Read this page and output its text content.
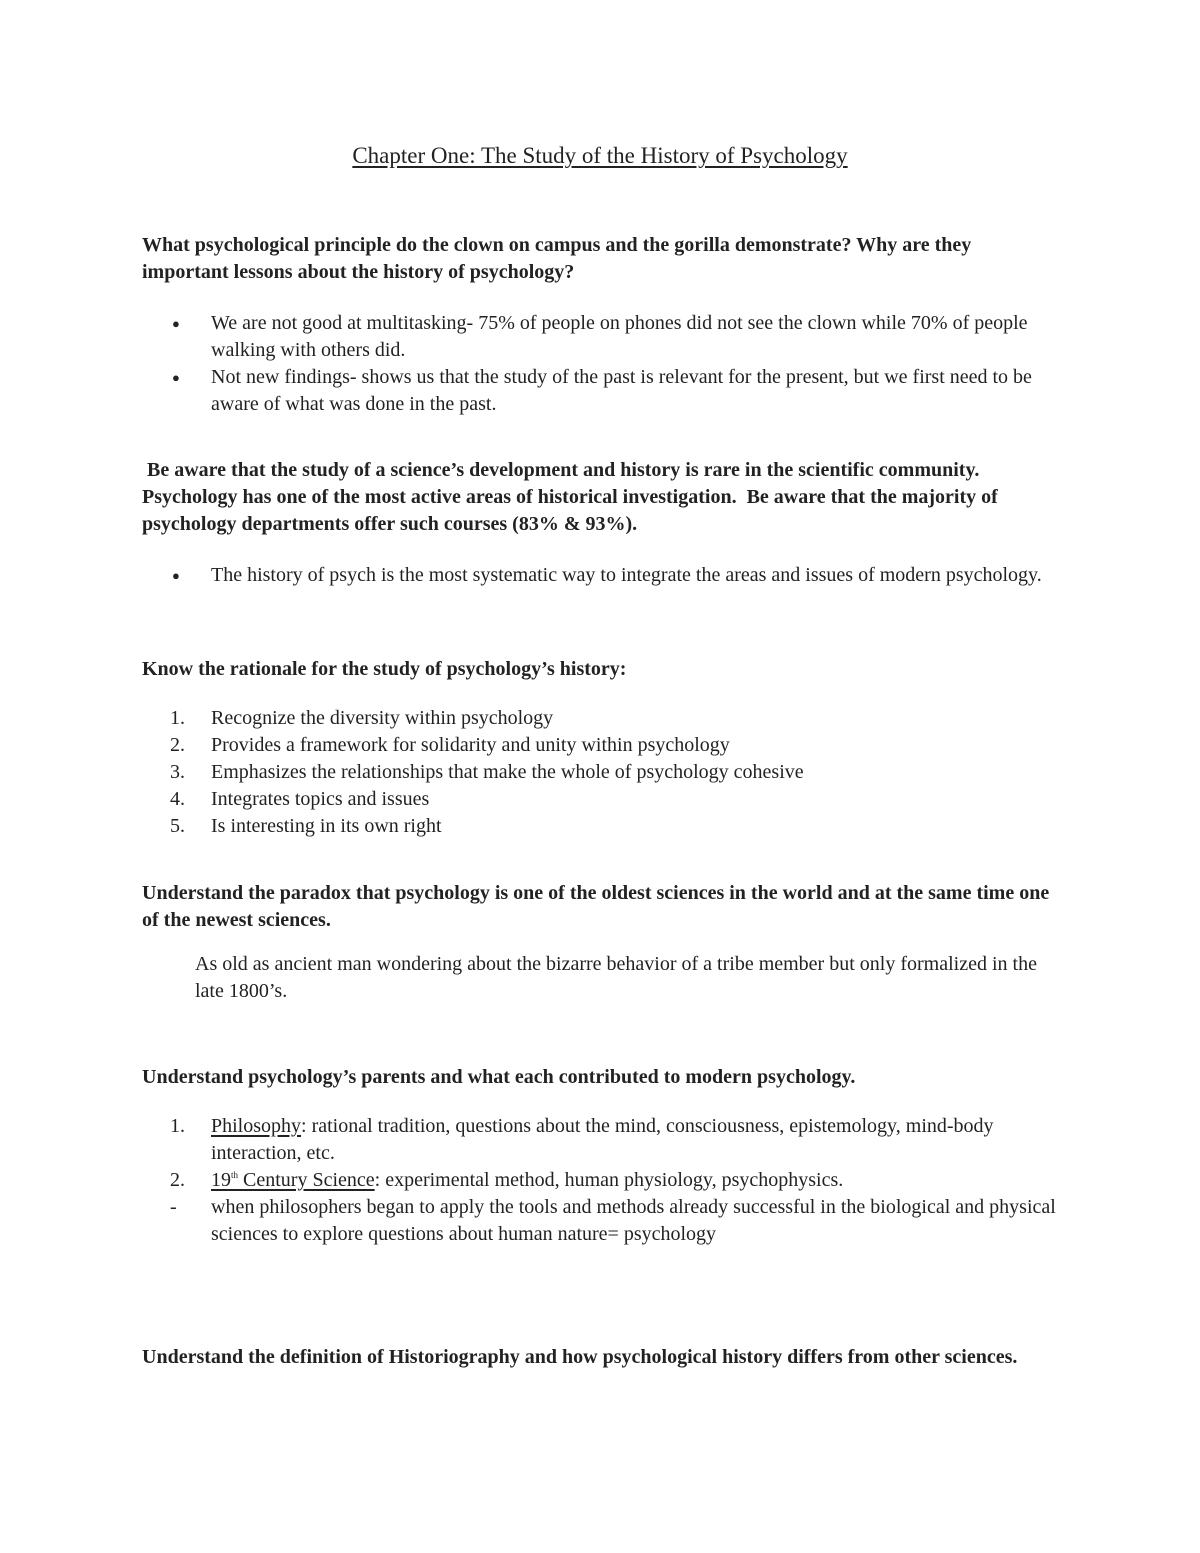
Chapter One: The Study of the History of Psychology
What psychological principle do the clown on campus and the gorilla demonstrate? Why are they important lessons about the history of psychology?
●	We are not good at multitasking- 75% of people on phones did not see the clown while 70% of people walking with others did.
●	Not new findings- shows us that the study of the past is relevant for the present, but we first need to be aware of what was done in the past.
Be aware that the study of a science’s development and history is rare in the scientific community.  Psychology has one of the most active areas of historical investigation.  Be aware that the majority of psychology departments offer such courses (83% & 93%).
●	The history of psych is the most systematic way to integrate the areas and issues of modern psychology.
Know the rationale for the study of psychology’s history:
1.	Recognize the diversity within psychology
2.	Provides a framework for solidarity and unity within psychology
3.	Emphasizes the relationships that make the whole of psychology cohesive
4.	Integrates topics and issues
5.	Is interesting in its own right
Understand the paradox that psychology is one of the oldest sciences in the world and at the same time one of the newest sciences.
As old as ancient man wondering about the bizarre behavior of a tribe member but only formalized in the late 1800’s.
Understand psychology’s parents and what each contributed to modern psychology.
1.	Philosophy: rational tradition, questions about the mind, consciousness, epistemology, mind-body interaction, etc.
2.	19th Century Science: experimental method, human physiology, psychophysics.
-	when philosophers began to apply the tools and methods already successful in the biological and physical sciences to explore questions about human nature= psychology
Understand the definition of Historiography and how psychological history differs from other sciences.
